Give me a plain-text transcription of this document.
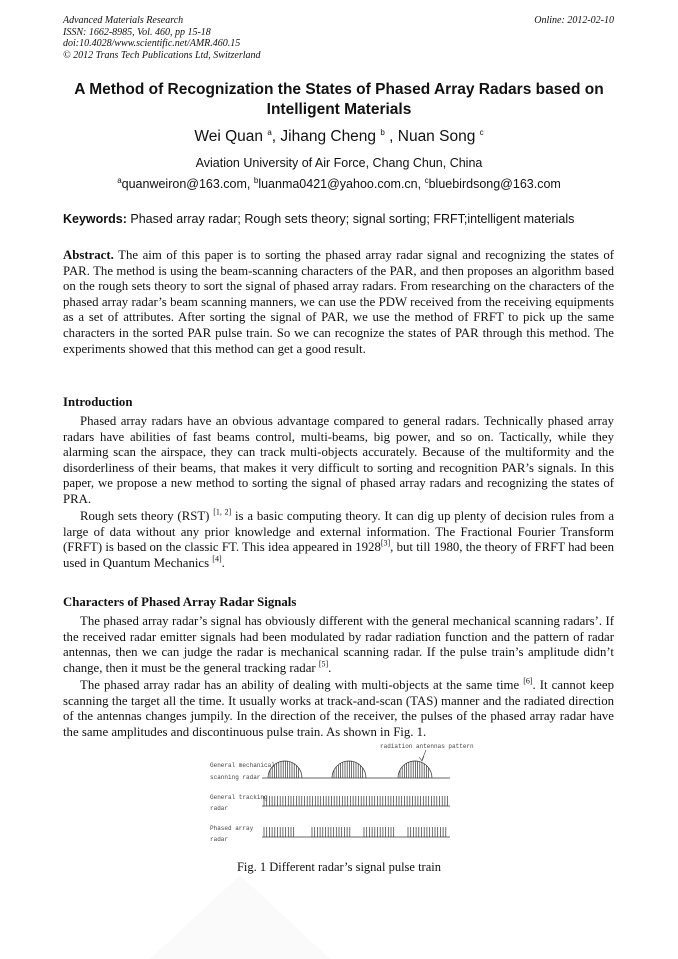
Advanced Materials Research
ISSN: 1662-8985, Vol. 460, pp 15-18
doi:10.4028/www.scientific.net/AMR.460.15
© 2012 Trans Tech Publications Ltd, Switzerland
Online: 2012-02-10
A Method of Recognization the States of Phased Array Radars based on Intelligent Materials
Wei Quan $^a$, Jihang Cheng $^b$ , Nuan Song $^c$
Aviation University of Air Force, Chang Chun, China
$^a$quanweiron@163.com, $^b$luanma0421@yahoo.com.cn, $^c$bluebirdsong@163.com
Keywords: Phased array radar; Rough sets theory; signal sorting; FRFT;intelligent materials
Abstract. The aim of this paper is to sorting the phased array radar signal and recognizing the states of PAR. The method is using the beam-scanning characters of the PAR, and then proposes an algorithm based on the rough sets theory to sort the signal of phased array radars. From researching on the characters of the phased array radar’s beam scanning manners, we can use the PDW received from the receiving equipments as a set of attributes. After sorting the signal of PAR, we use the method of FRFT to pick up the same characters in the sorted PAR pulse train. So we can recognize the states of PAR through this method. The experiments showed that this method can get a good result.
Introduction
Phased array radars have an obvious advantage compared to general radars. Technically phased array radars have abilities of fast beams control, multi-beams, big power, and so on. Tactically, while they alarming scan the airspace, they can track multi-objects accurately. Because of the multiformity and the disorderliness of their beams, that makes it very difficult to sorting and recognition PAR’s signals. In this paper, we propose a new method to sorting the signal of phased array radars and recognizing the states of PRA.
Rough sets theory (RST) [1, 2] is a basic computing theory. It can dig up plenty of decision rules from a large of data without any prior knowledge and external information. The Fractional Fourier Transform (FRFT) is based on the classic FT. This idea appeared in 1928[3], but till 1980, the theory of FRFT had been used in Quantum Mechanics [4].
Characters of Phased Array Radar Signals
The phased array radar’s signal has obviously different with the general mechanical scanning radars’. If the received radar emitter signals had been modulated by radar radiation function and the pattern of radar antennas, then we can judge the radar is mechanical scanning radar. If the pulse train’s amplitude didn’t change, then it must be the general tracking radar [5].
The phased array radar has an ability of dealing with multi-objects at the same time [6]. It cannot keep scanning the target all the time. It usually works at track-and-scan (TAS) manner and the radiated direction of the antennas changes jumpily. In the direction of the receiver, the pulses of the phased array radar have the same amplitudes and discontinuous pulse train. As shown in Fig. 1.
radiation antennas pattern
General mechanical
scanning radar
General tracking
radar
Phased array
radar
Fig. 1 Different radar’s signal pulse train
